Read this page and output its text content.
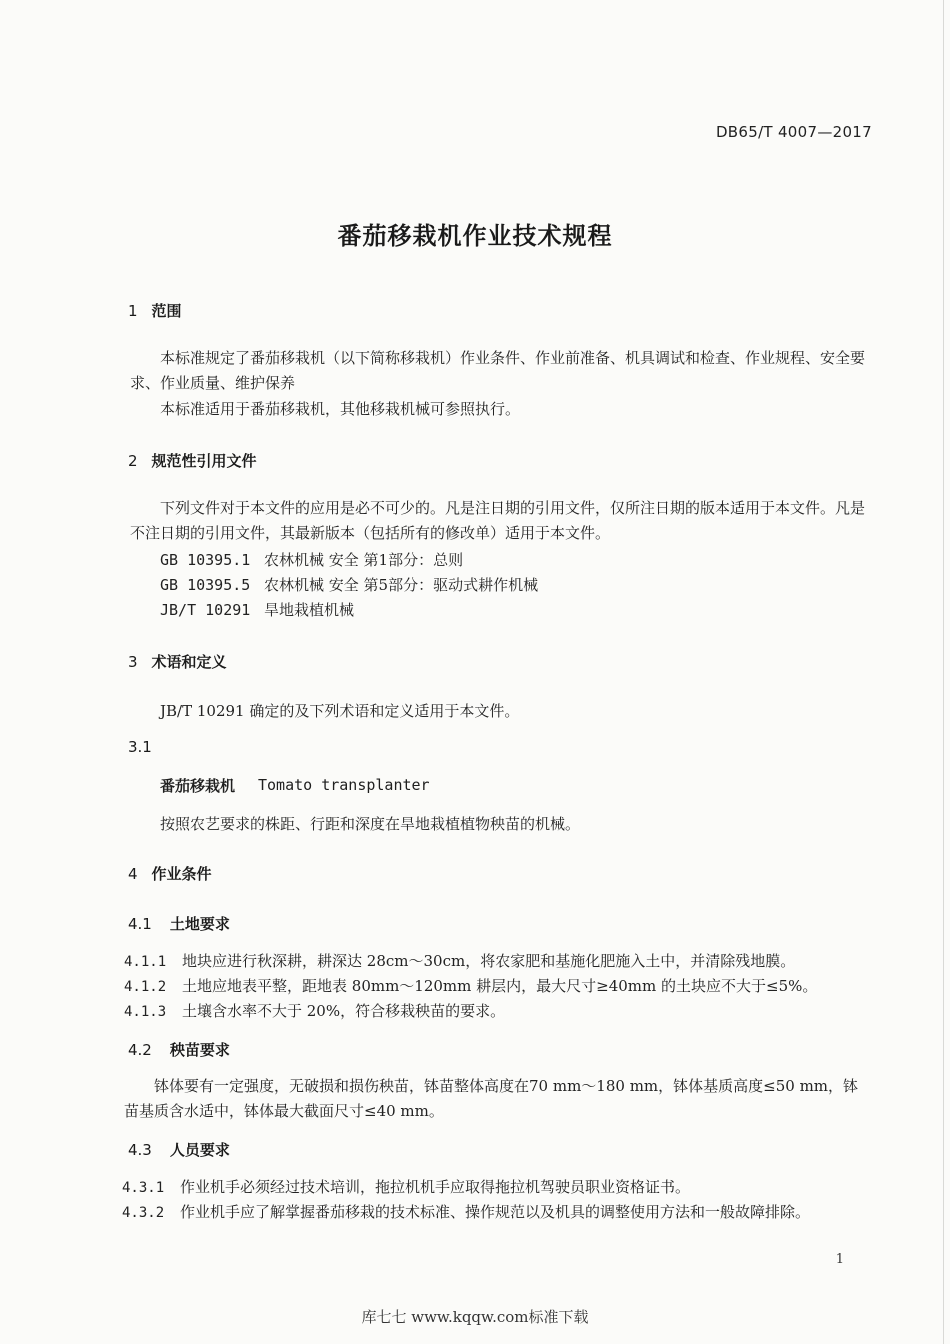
DB65/T 4007—2017
番茄移栽机作业技术规程
1 范围
本标准规定了番茄移栽机（以下简称移栽机）作业条件、作业前准备、机具调试和检查、作业规程、安全要求、作业质量、维护保养
本标准适用于番茄移栽机，其他移栽机械可参照执行。
2 规范性引用文件
下列文件对于本文件的应用是必不可少的。凡是注日期的引用文件，仅所注日期的版本适用于本文件。凡是不注日期的引用文件，其最新版本（包括所有的修改单）适用于本文件。
GB 10395.1 农林机械 安全 第1部分：总则
GB 10395.5 农林机械 安全 第5部分：驱动式耕作机械
JB/T 10291 旱地栽植机械
3 术语和定义
JB/T 10291 确定的及下列术语和定义适用于本文件。
3.1
番茄移栽机 Tomato transplanter
按照农艺要求的株距、行距和深度在旱地栽植植物秧苗的机械。
4 作业条件
4.1 土地要求
4.1.1 地块应进行秋深耕，耕深达 28cm～30cm，将农家肥和基施化肥施入土中，并清除残地膜。
4.1.2 土地应地表平整，距地表 80mm～120mm 耕层内，最大尺寸≥40mm 的土块应不大于≤5%。
4.1.3 土壤含水率不大于 20%，符合移栽秧苗的要求。
4.2 秧苗要求
钵体要有一定强度，无破损和损伤秧苗，钵苗整体高度在70 mm～180 mm，钵体基质高度≤50 mm，钵苗基质含水适中，钵体最大截面尺寸≤40 mm。
4.3 人员要求
4.3.1 作业机手必须经过技术培训，拖拉机机手应取得拖拉机驾驶员职业资格证书。
4.3.2 作业机手应了解掌握番茄移栽的技术标准、操作规范以及机具的调整使用方法和一般故障排除。
1
库七七 www.kqqw.com标准下载
